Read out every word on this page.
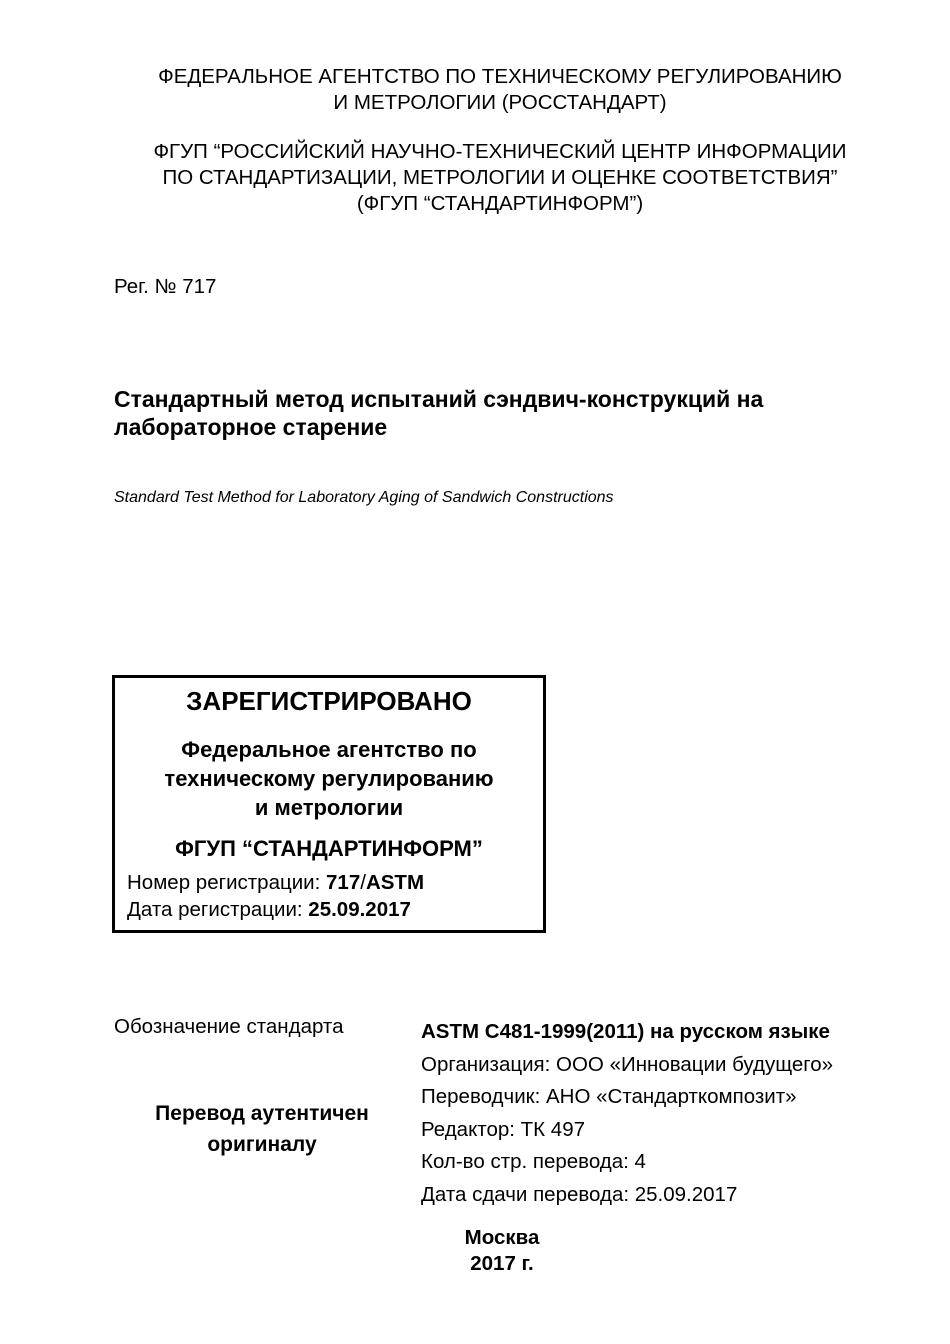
ФЕДЕРАЛЬНОЕ АГЕНТСТВО ПО ТЕХНИЧЕСКОМУ РЕГУЛИРОВАНИЮ
И МЕТРОЛОГИИ (РОССТАНДАРТ)
ФГУП “РОССИЙСКИЙ НАУЧНО-ТЕХНИЧЕСКИЙ ЦЕНТР ИНФОРМАЦИИ
ПО СТАНДАРТИЗАЦИИ, МЕТРОЛОГИИ И ОЦЕНКЕ СООТВЕТСТВИЯ”
(ФГУП “СТАНДАРТИНФОРМ”)
Рег. № 717
Стандартный метод испытаний сэндвич-конструкций на
лабораторное старение
Standard Test Method for Laboratory Aging of Sandwich Constructions
ЗАРЕГИСТРИРОВАНО
Федеральное агентство по
техническому регулированию
и метрологии
ФГУП “СТАНДАРТИНФОРМ”
Номер регистрации: 717/ASTM
Дата регистрации: 25.09.2017
Обозначение стандарта
Перевод аутентичен
оригиналу
ASTM C481-1999(2011) на русском языке
Организация: ООО «Инновации будущего»
Переводчик: АНО «Стандарткомпозит»
Редактор: ТК 497
Кол-во стр. перевода: 4
Дата сдачи перевода: 25.09.2017
Москва
2017 г.
